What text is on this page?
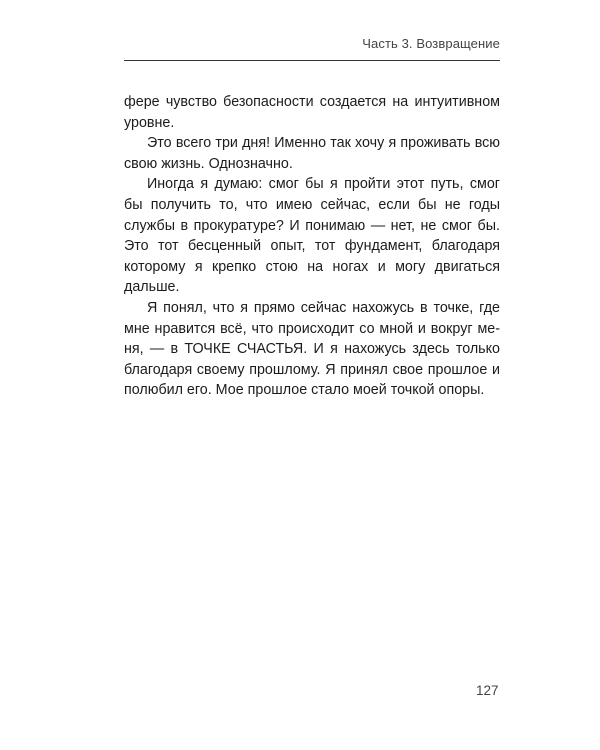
Часть 3. Возвращение

фере чувство безопасности создается на интуитивном уровне.

Это всего три дня! Именно так хочу я проживать всю свою жизнь. Однозначно.

Иногда я думаю: смог бы я пройти этот путь, смог бы получить то, что имею сейчас, если бы не годы службы в прокуратуре? И понимаю — нет, не смог бы. Это тот бесценный опыт, тот фундамент, благодаря которому я крепко стою на ногах и могу двигаться дальше.

Я понял, что я прямо сейчас нахожусь в точке, где мне нравится всё, что происходит со мной и вокруг меня, — в ТОЧКЕ СЧАСТЬЯ. И я нахожусь здесь только благодаря своему прошлому. Я принял свое прошлое и полюбил его. Мое прошлое стало моей точкой опоры.

127
